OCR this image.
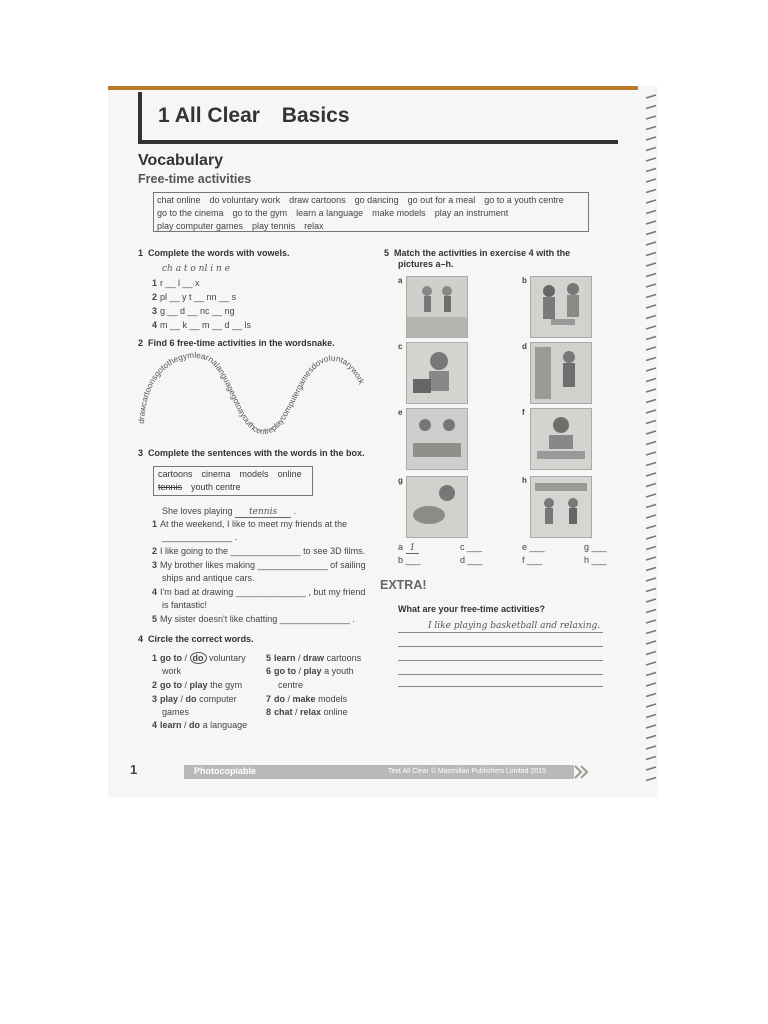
1 All Clear Basics
Vocabulary
Free-time activities
chat online do voluntary work draw cartoons go dancing go out for a meal go to a youth centre
go to the cinema go to the gym learn a language make models play an instrument
play computer games play tennis relax
1 Complete the words with vowels.
ch a t o nl i n e
1 r __ l __ x
2 pl __ y t __ nn __ s
3 g __ d __ nc __ ng
4 m __ k __ m __ d __ ls
2 Find 6 free-time activities in the wordsnake.
drawcartoonsgotothegymlearnalanguagegotoayouthcentreplaycomputergamesdovoluntarywork
3 Complete the sentences with the words in the box.
cartoons cinema models online
tennis youth centre
She loves playing tennis .
1 At the weekend, I like to meet my friends at the
______________ .
2 I like going to the ______________ to see 3D films.
3 My brother likes making ______________ of sailing
ships and antique cars.
4 I'm bad at drawing ______________ , but my friend
is fantastic!
5 My sister doesn't like chatting ______________ .
4 Circle the correct words.
1 go to / do voluntary
work
2 go to / play the gym
3 play / do computer
games
4 learn / do a language
5 learn / draw cartoons
6 go to / play a youth
centre
7 do / make models
8 chat / relax online
5 Match the activities in exercise 4 with the
pictures a–h.
a	b
c	d
e	f
g	h
a 1
b ___
c ___
d ___
e ___
f ___
g ___
h ___
EXTRA!
What are your free-time activities?
I like playing basketball and relaxing.
1	Photocopiable	Text All Clear © Macmillan Publishers Limited 2015
